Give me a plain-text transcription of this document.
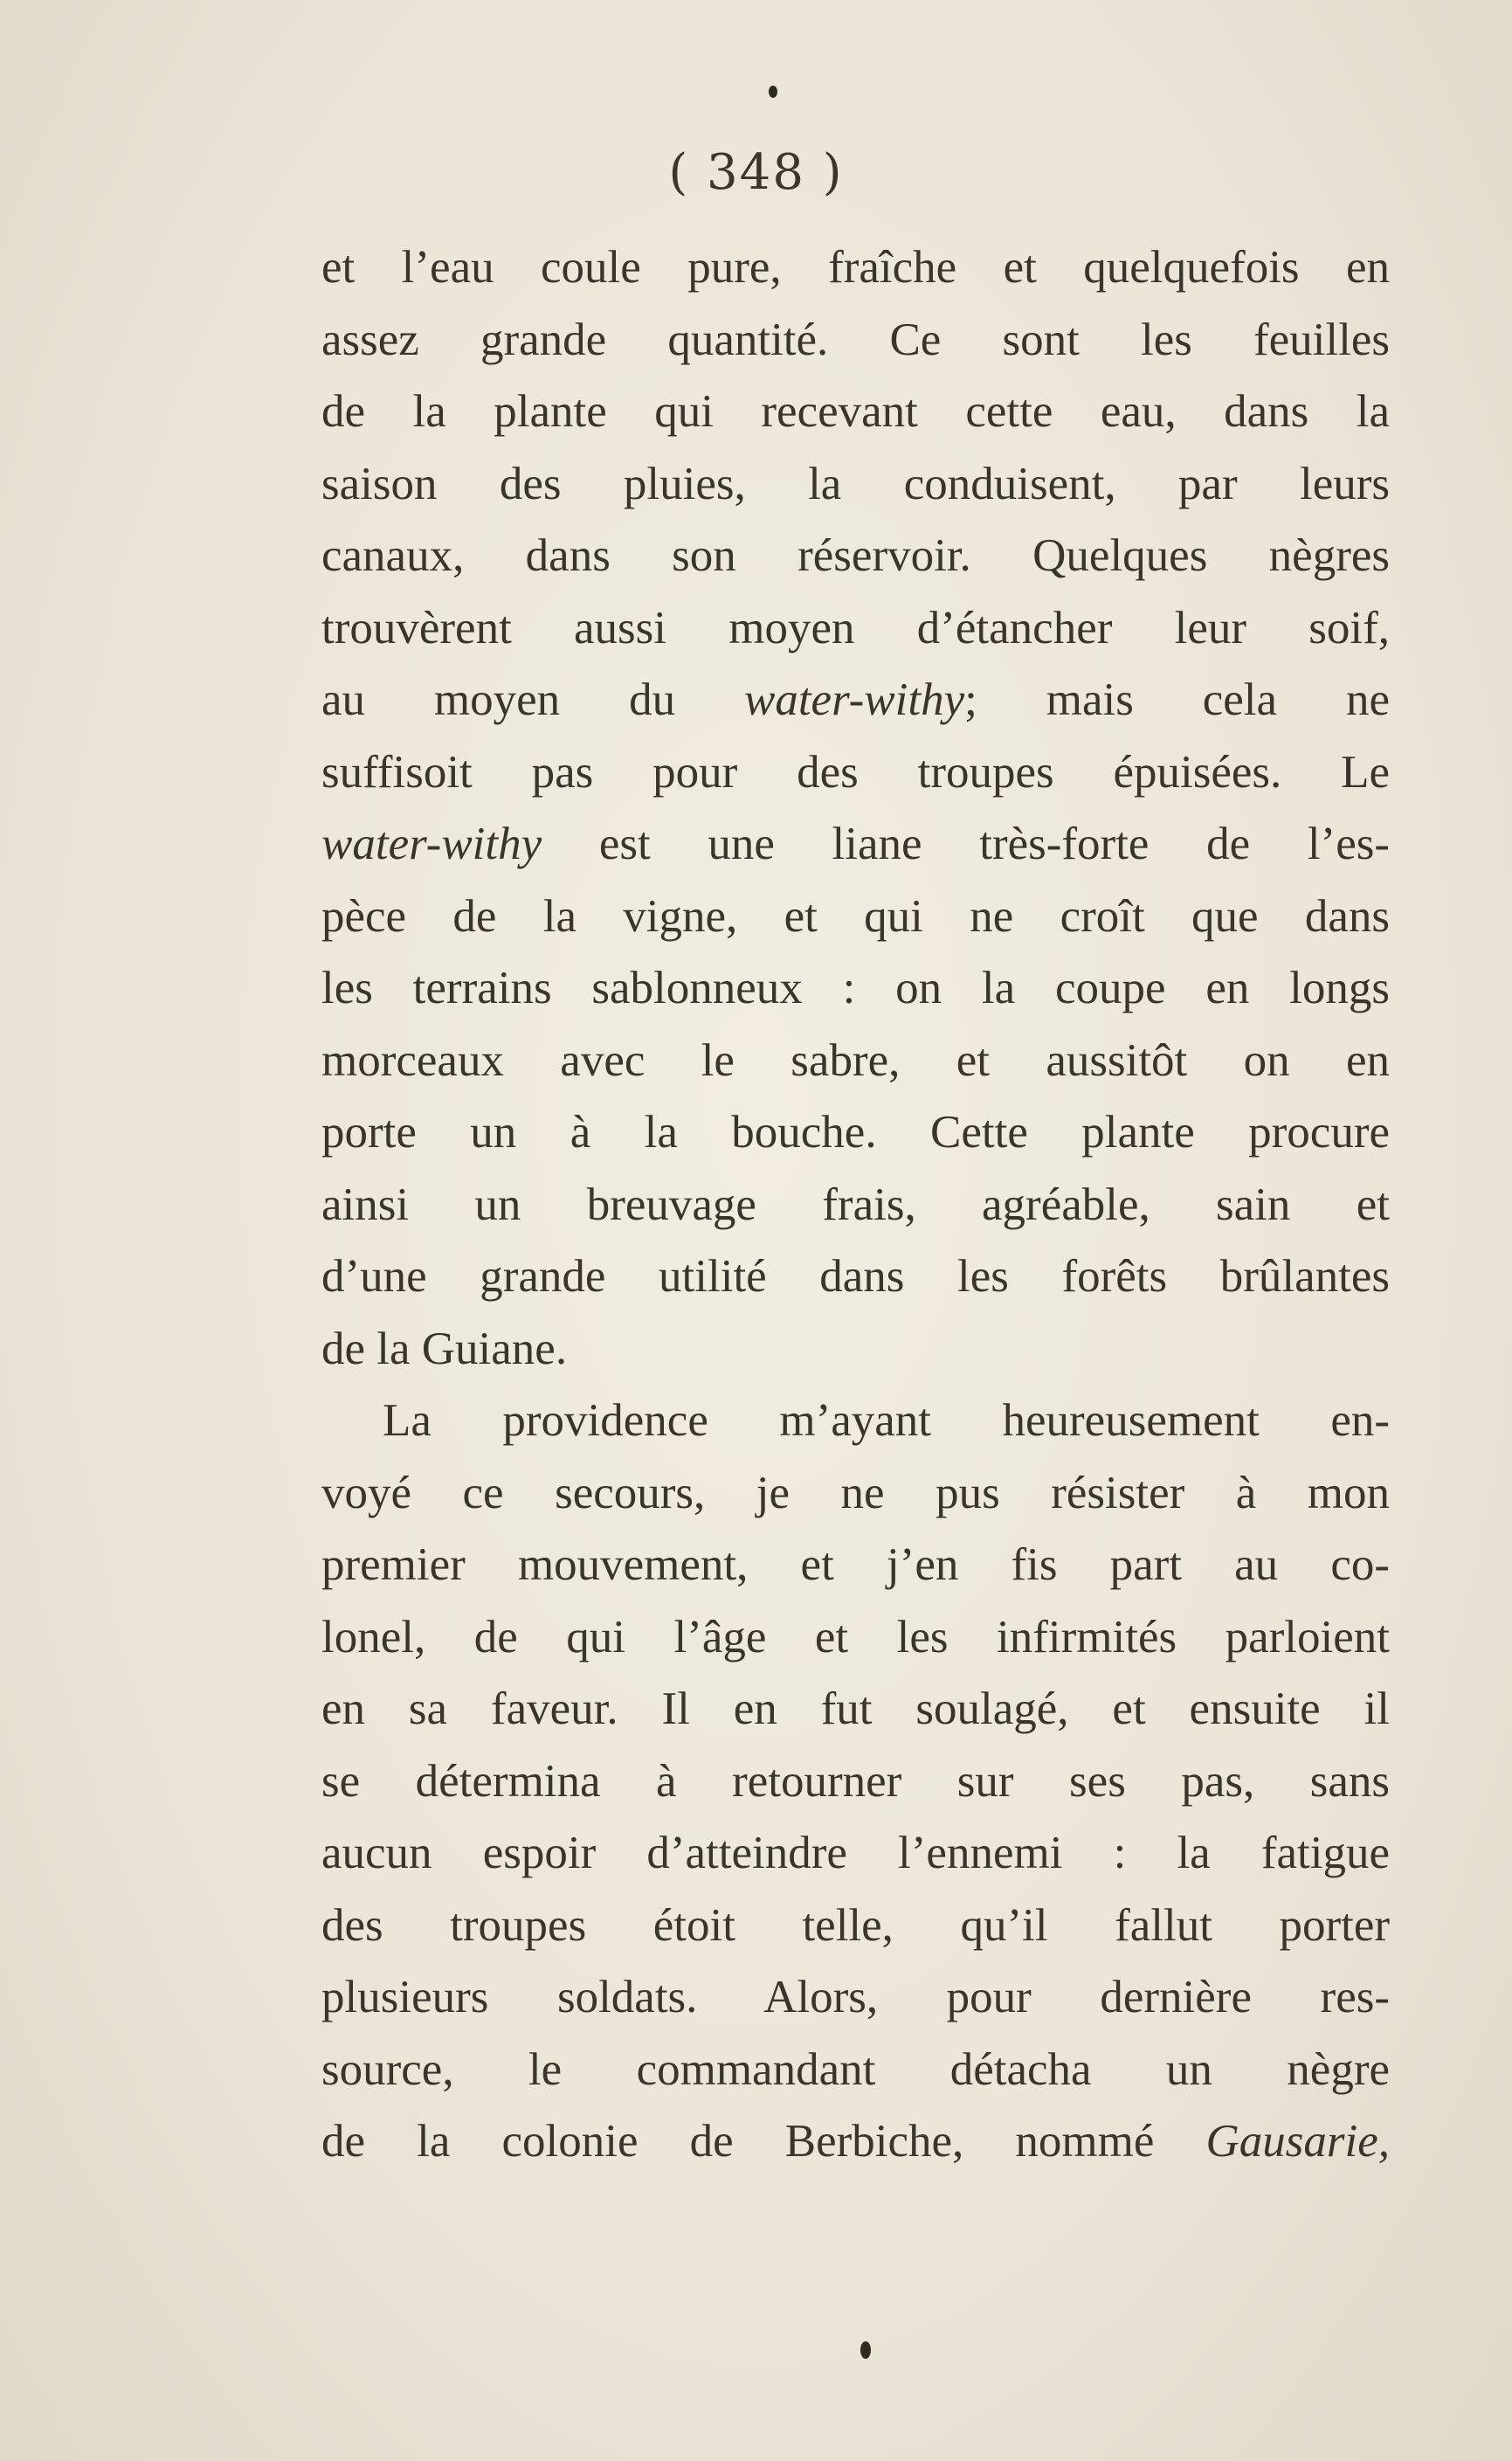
( 348 )
et l’eau coule pure, fraîche et quelquefois en
assez grande quantité. Ce sont les feuilles
de la plante qui recevant cette eau, dans la
saison des pluies, la conduisent, par leurs
canaux, dans son réservoir. Quelques nègres
trouvèrent aussi moyen d’étancher leur soif,
au moyen du water-withy; mais cela ne
suffisoit pas pour des troupes épuisées. Le
water-withy est une liane très-forte de l’es-
pèce de la vigne, et qui ne croît que dans
les terrains sablonneux : on la coupe en longs
morceaux avec le sabre, et aussitôt on en
porte un à la bouche. Cette plante procure
ainsi un breuvage frais, agréable, sain et
d’une grande utilité dans les forêts brûlantes
de la Guiane.
La providence m’ayant heureusement en-
voyé ce secours, je ne pus résister à mon
premier mouvement, et j’en fis part au co-
lonel, de qui l’âge et les infirmités parloient
en sa faveur. Il en fut soulagé, et ensuite il
se détermina à retourner sur ses pas, sans
aucun espoir d’atteindre l’ennemi : la fatigue
des troupes étoit telle, qu’il fallut porter
plusieurs soldats. Alors, pour dernière res-
source, le commandant détacha un nègre
de la colonie de Berbiche, nommé Gausarie,
